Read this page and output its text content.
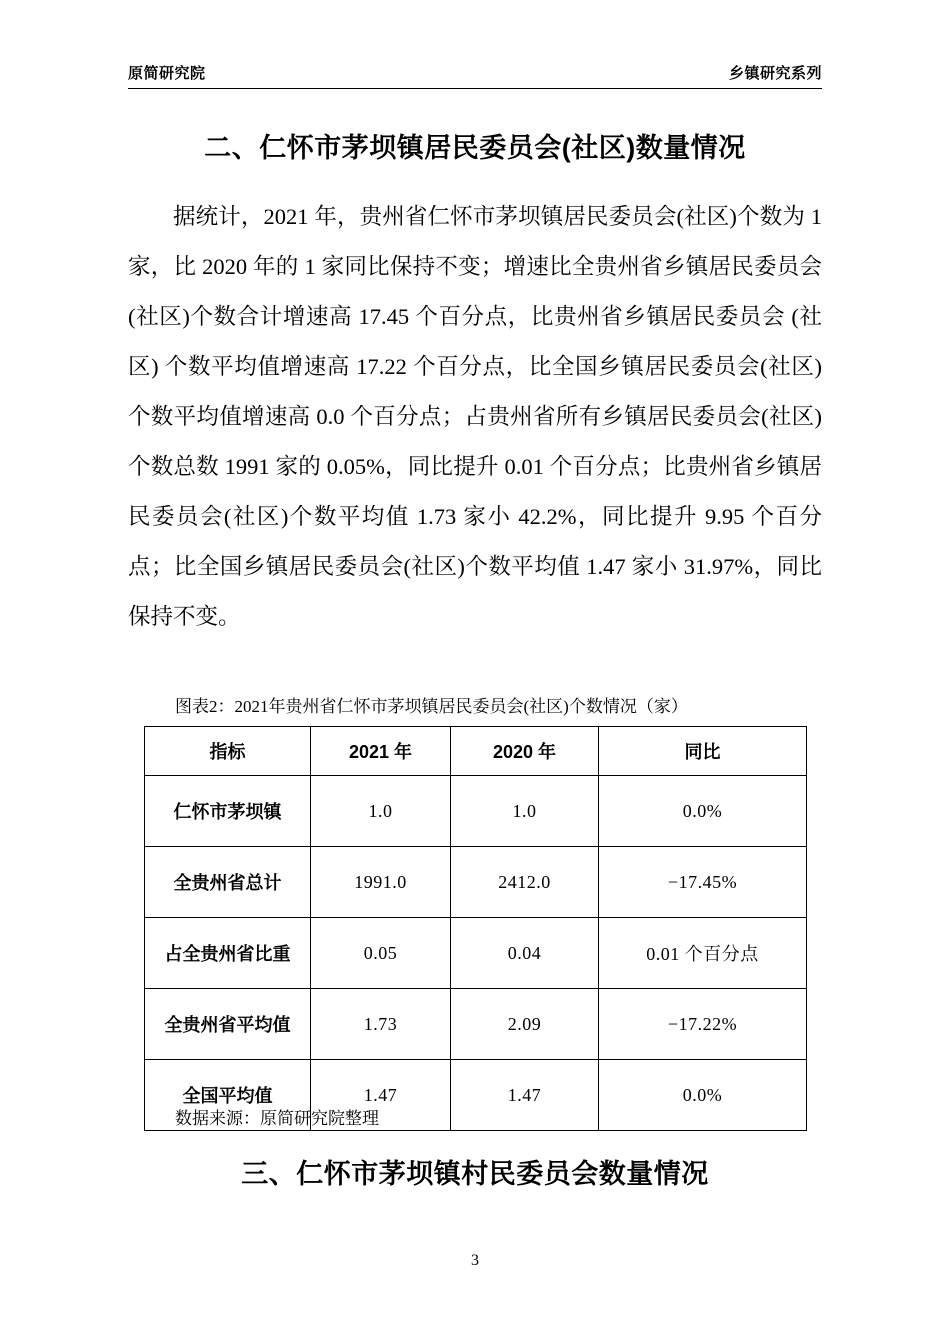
原简研究院	乡镇研究系列
二、仁怀市茅坝镇居民委员会(社区)数量情况
据统计，2021 年，贵州省仁怀市茅坝镇居民委员会(社区)个数为 1 家，比 2020 年的 1 家同比保持不变；增速比全贵州省乡镇居民委员会(社区)个数合计增速高 17.45 个百分点，比贵州省乡镇居民委员会 (社区) 个数平均值增速高 17.22 个百分点，比全国乡镇居民委员会(社区)个数平均值增速高 0.0 个百分点；占贵州省所有乡镇居民委员会(社区)个数总数 1991 家的 0.05%，同比提升 0.01 个百分点；比贵州省乡镇居民委员会(社区)个数平均值 1.73 家小 42.2%，同比提升 9.95 个百分点；比全国乡镇居民委员会(社区)个数平均值 1.47 家小 31.97%，同比保持不变。
图表2：2021年贵州省仁怀市茅坝镇居民委员会(社区)个数情况（家）
指标	2021 年	2020 年	同比
仁怀市茅坝镇	1.0	1.0	0.0%
全贵州省总计	1991.0	2412.0	−17.45%
占全贵州省比重	0.05	0.04	0.01 个百分点
全贵州省平均值	1.73	2.09	−17.22%
全国平均值	1.47	1.47	0.0%
数据来源：原简研究院整理
三、仁怀市茅坝镇村民委员会数量情况
3
